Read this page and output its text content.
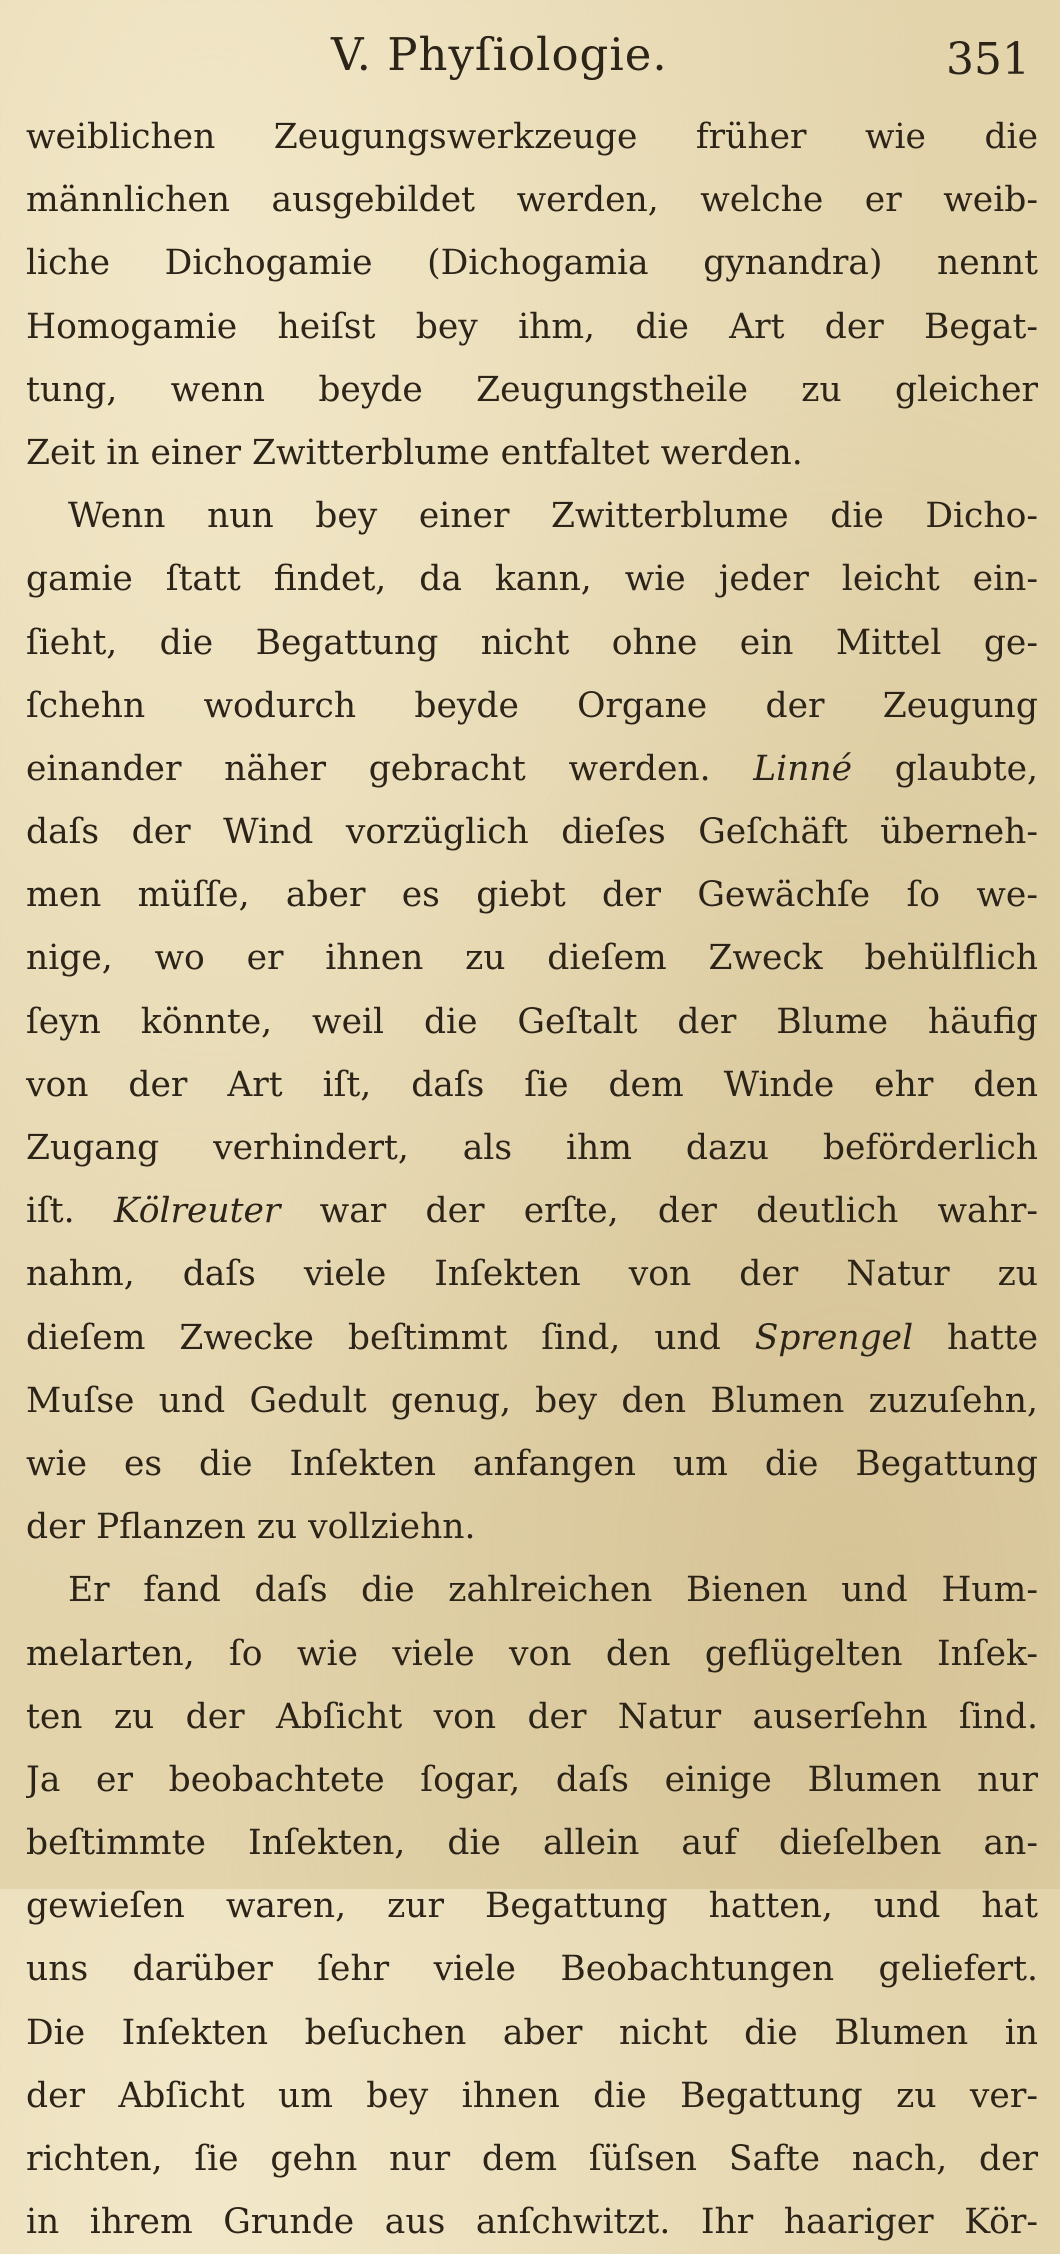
V. Phyſiologie.	351
weiblichen Zeugungswerkzeuge früher wie die
männlichen ausgebildet werden, welche er weib-
liche Dichogamie (Dichogamia gynandra) nennt
Homogamie heiſst bey ihm, die Art der Begat-
tung, wenn beyde Zeugungstheile zu gleicher
Zeit in einer Zwitterblume entfaltet werden.
Wenn nun bey einer Zwitterblume die Dicho-
gamie ſtatt findet, da kann, wie jeder leicht ein-
ſieht, die Begattung nicht ohne ein Mittel ge-
ſchehn wodurch beyde Organe der Zeugung
einander näher gebracht werden. Linné glaubte,
daſs der Wind vorzüglich dieſes Geſchäft überneh-
men müſſe, aber es giebt der Gewächſe ſo we-
nige, wo er ihnen zu dieſem Zweck behülflich
ſeyn könnte, weil die Geſtalt der Blume häufig
von der Art iſt, daſs ſie dem Winde ehr den
Zugang verhindert, als ihm dazu beförderlich
iſt. Kölreuter war der erſte, der deutlich wahr-
nahm, daſs viele Inſekten von der Natur zu
dieſem Zwecke beſtimmt ſind, und Sprengel hatte
Muſse und Gedult genug, bey den Blumen zuzuſehn,
wie es die Inſekten anfangen um die Begattung
der Pflanzen zu vollziehn.
Er fand daſs die zahlreichen Bienen und Hum-
melarten, ſo wie viele von den geflügelten Inſek-
ten zu der Abſicht von der Natur auserſehn ſind.
Ja er beobachtete ſogar, daſs einige Blumen nur
beſtimmte Inſekten, die allein auf dieſelben an-
gewieſen waren, zur Begattung hatten, und hat
uns darüber ſehr viele Beobachtungen geliefert.
Die Inſekten beſuchen aber nicht die Blumen in
der Abſicht um bey ihnen die Begattung zu ver-
richten, ſie gehn nur dem ſüſsen Safte nach, der
in ihrem Grunde aus anſchwitzt. Ihr haariger Kör-
